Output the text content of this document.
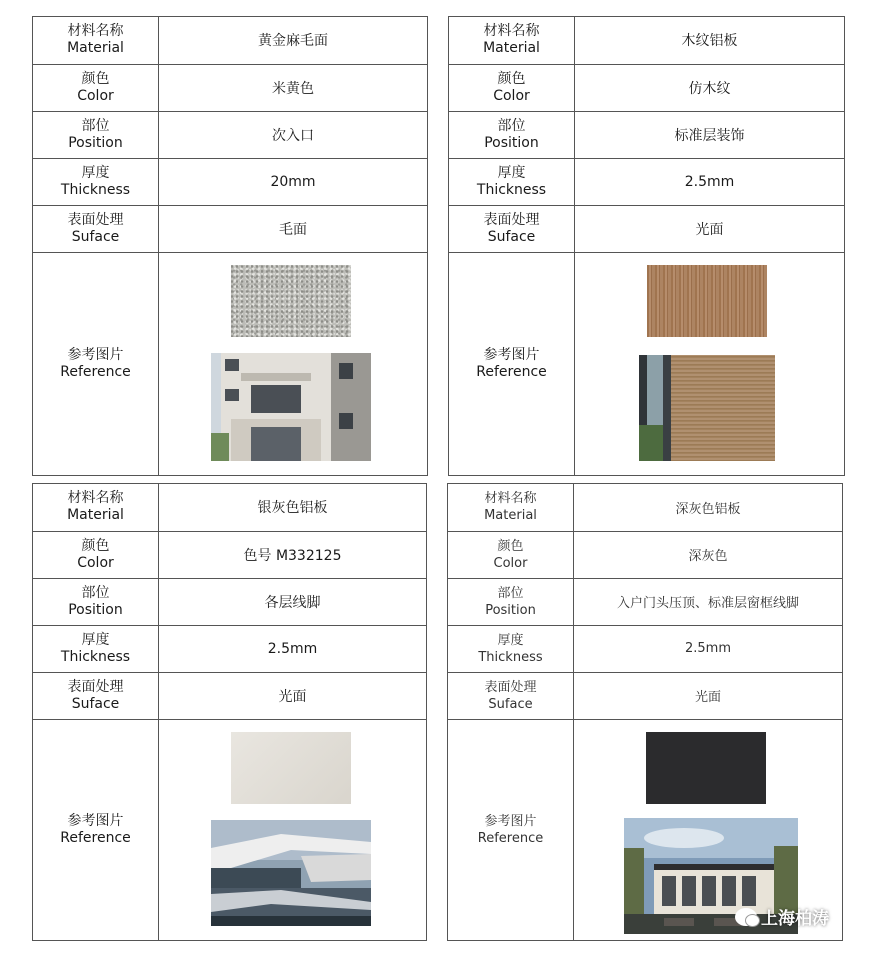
材料名称
Material	黄金麻毛面

颜色
Color	米黄色

部位
Position	次入口

厚度
Thickness	20mm

表面处理
Suface	毛面

参考图片
Reference

材料名称
Material	木纹铝板

颜色
Color	仿木纹

部位
Position	标准层装饰

厚度
Thickness	2.5mm

表面处理
Suface	光面

参考图片
Reference	

材料名称
Material	银灰色铝板

颜色
Color	色号 M332125

部位
Position	各层线脚

厚度
Thickness	2.5mm

表面处理
Suface	光面

参考图片
Reference

材料名称
Material	深灰色铝板

颜色
Color	深灰色

部位
Position	入户门头压顶、标准层窗框线脚

厚度
Thickness	2.5mm

表面处理
Suface	光面

参考图片
Reference

上海柏涛
